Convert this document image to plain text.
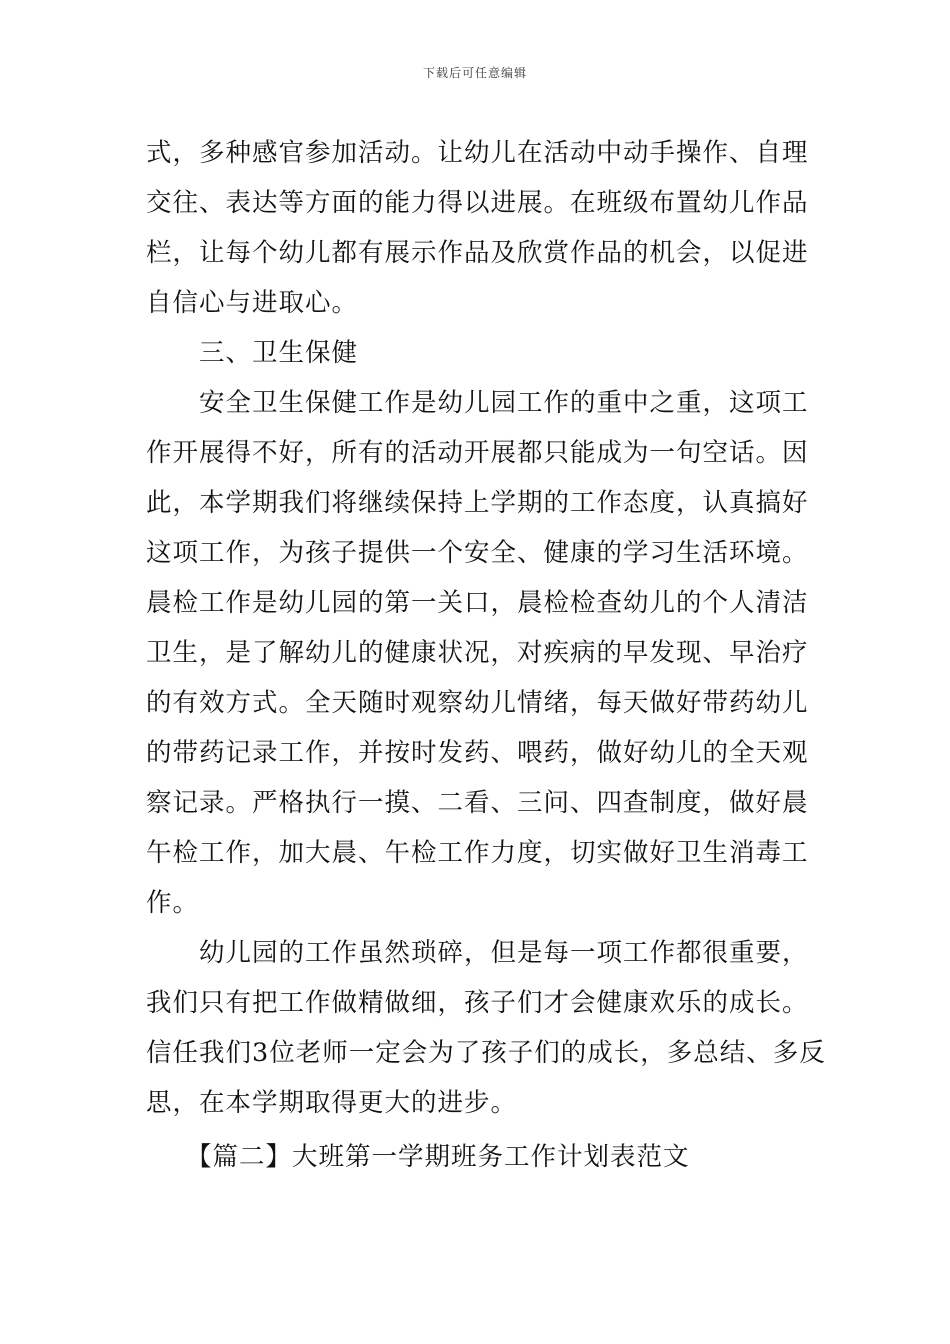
下载后可任意编辑

式，多种感官参加活动。让幼儿在活动中动手操作、自理
交往、表达等方面的能力得以进展。在班级布置幼儿作品
栏，让每个幼儿都有展示作品及欣赏作品的机会，以促进
自信心与进取心。

三、卫生保健

安全卫生保健工作是幼儿园工作的重中之重，这项工
作开展得不好，所有的活动开展都只能成为一句空话。因
此，本学期我们将继续保持上学期的工作态度，认真搞好
这项工作，为孩子提供一个安全、健康的学习生活环境。
晨检工作是幼儿园的第一关口，晨检检查幼儿的个人清洁
卫生，是了解幼儿的健康状况，对疾病的早发现、早治疗
的有效方式。全天随时观察幼儿情绪，每天做好带药幼儿
的带药记录工作，并按时发药、喂药，做好幼儿的全天观
察记录。严格执行一摸、二看、三问、四查制度，做好晨
午检工作，加大晨、午检工作力度，切实做好卫生消毒工
作。

幼儿园的工作虽然琐碎，但是每一项工作都很重要，
我们只有把工作做精做细，孩子们才会健康欢乐的成长。
信任我们3位老师一定会为了孩子们的成长，多总结、多反
思，在本学期取得更大的进步。

【篇二】大班第一学期班务工作计划表范文
